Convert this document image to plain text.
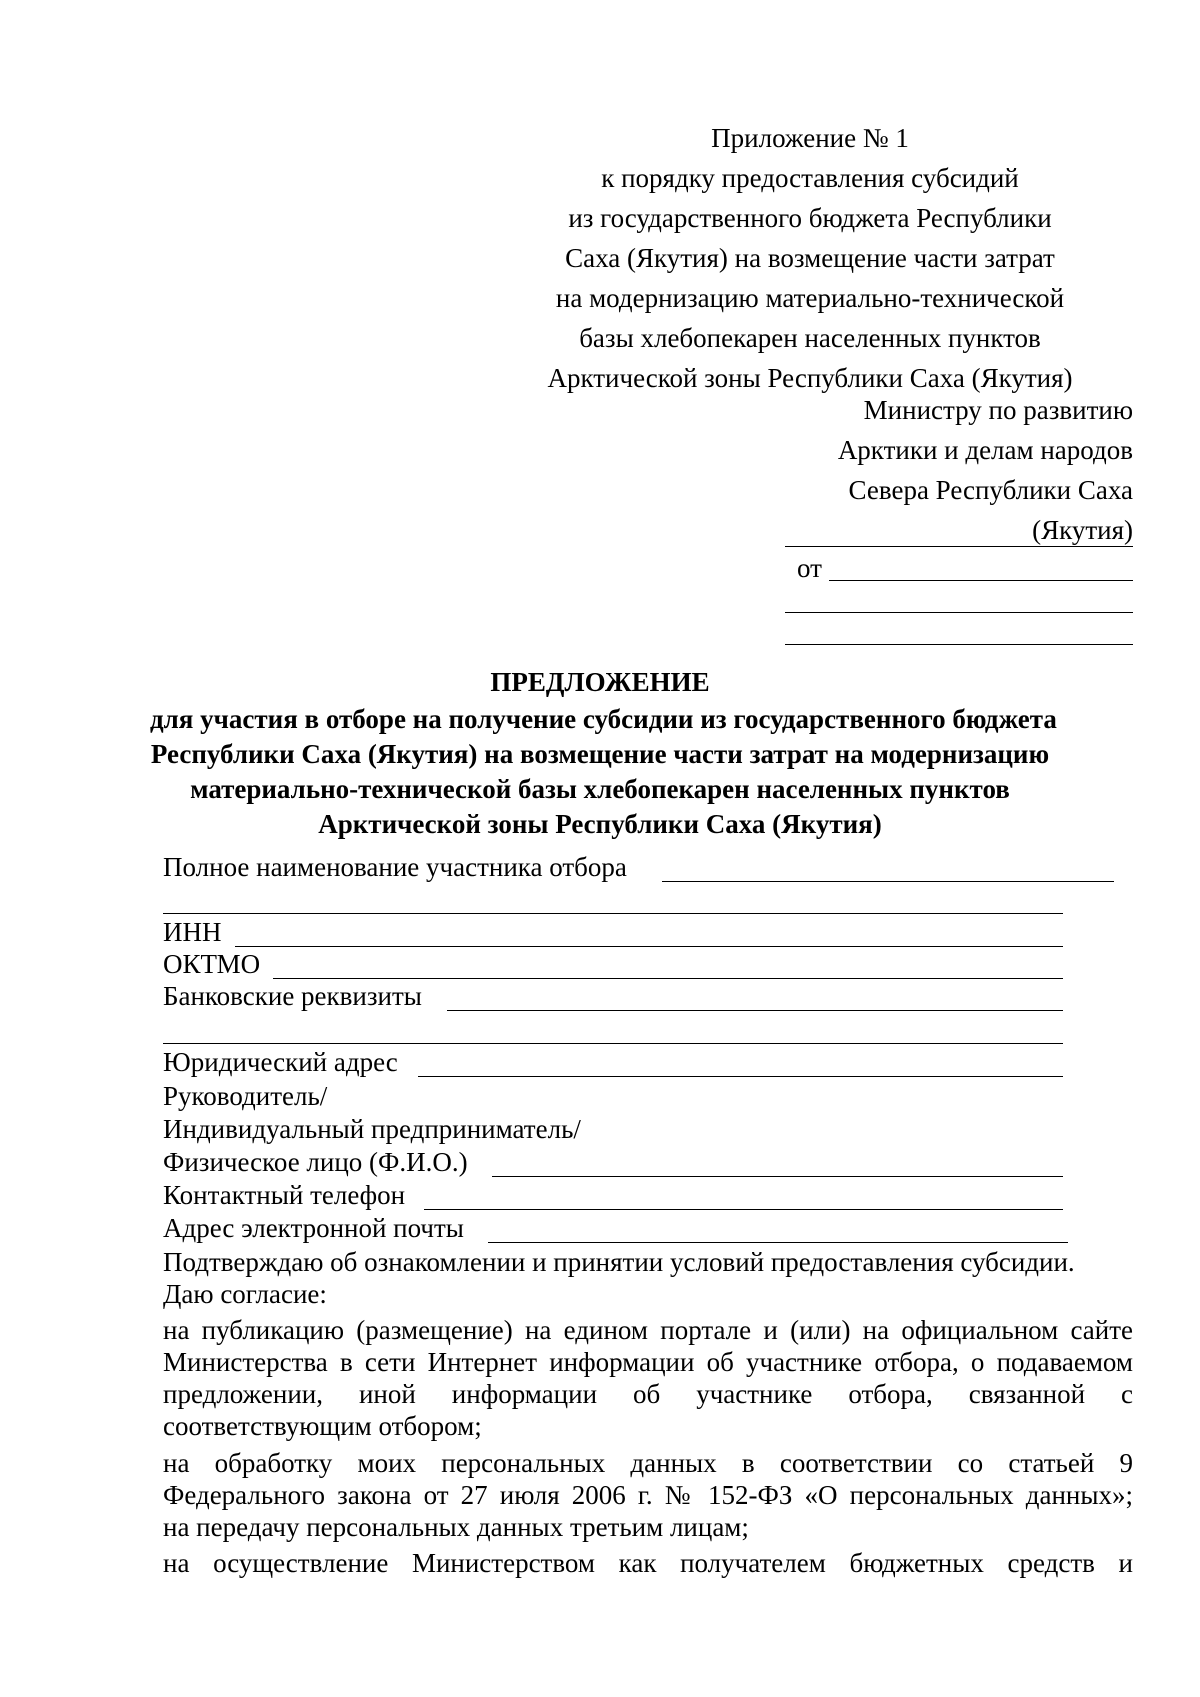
Приложение № 1
к порядку предоставления субсидий
из государственного бюджета Республики
Саха (Якутия) на возмещение части затрат
на модернизацию материально-технической
базы хлебопекарен населенных пунктов
Арктической зоны Республики Саха (Якутия)
Министру по развитию
Арктики и делам народов
Севера Республики Саха
(Якутия)
от
ПРЕДЛОЖЕНИЕ
для участия в отборе на получение субсидии из государственного бюджета
Республики Саха (Якутия) на возмещение части затрат на модернизацию
материально-технической базы хлебопекарен населенных пунктов
Арктической зоны Республики Саха (Якутия)
Полное наименование участника отбора
ИНН
ОКТМО
Банковские реквизиты
Юридический адрес
Руководитель/
Индивидуальный предприниматель/
Физическое лицо (Ф.И.О.)
Контактный телефон
Адрес электронной почты
Подтверждаю об ознакомлении и принятии условий предоставления субсидии.
Даю согласие:
на публикацию (размещение) на едином портале и (или) на официальном сайте
Министерства в сети Интернет информации об участнике отбора, о подаваемом
предложении, иной информации об участнике отбора, связанной с
соответствующим отбором;
на обработку моих персональных данных в соответствии со статьей 9
Федерального закона от 27 июля 2006 г. № 152-ФЗ «О персональных данных»;
на передачу персональных данных третьим лицам;
на осуществление Министерством как получателем бюджетных средств и
